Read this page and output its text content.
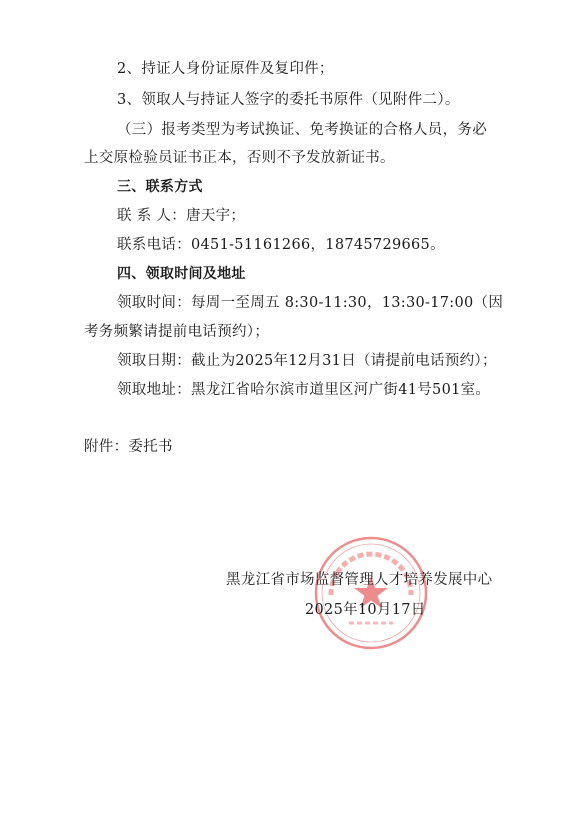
2、持证人身份证原件及复印件；
3、领取人与持证人签字的委托书原件（见附件二）。
（三）报考类型为考试换证、免考换证的合格人员，务必
上交原检验员证书正本，否则不予发放新证书。
三、联系方式
联 系 人：唐天宇；
联系电话：0451-51161266，18745729665。
四、领取时间及地址
领取时间：每周一至周五 8:30-11:30，13:30-17:00（因
考务频繁请提前电话预约）；
领取日期：截止为2025年12月31日（请提前电话预约）；
领取地址：黑龙江省哈尔滨市道里区河广街41号501室。
附件：委托书
黑龙江省市场监督管理人才培养发展中心
2025年10月17日
